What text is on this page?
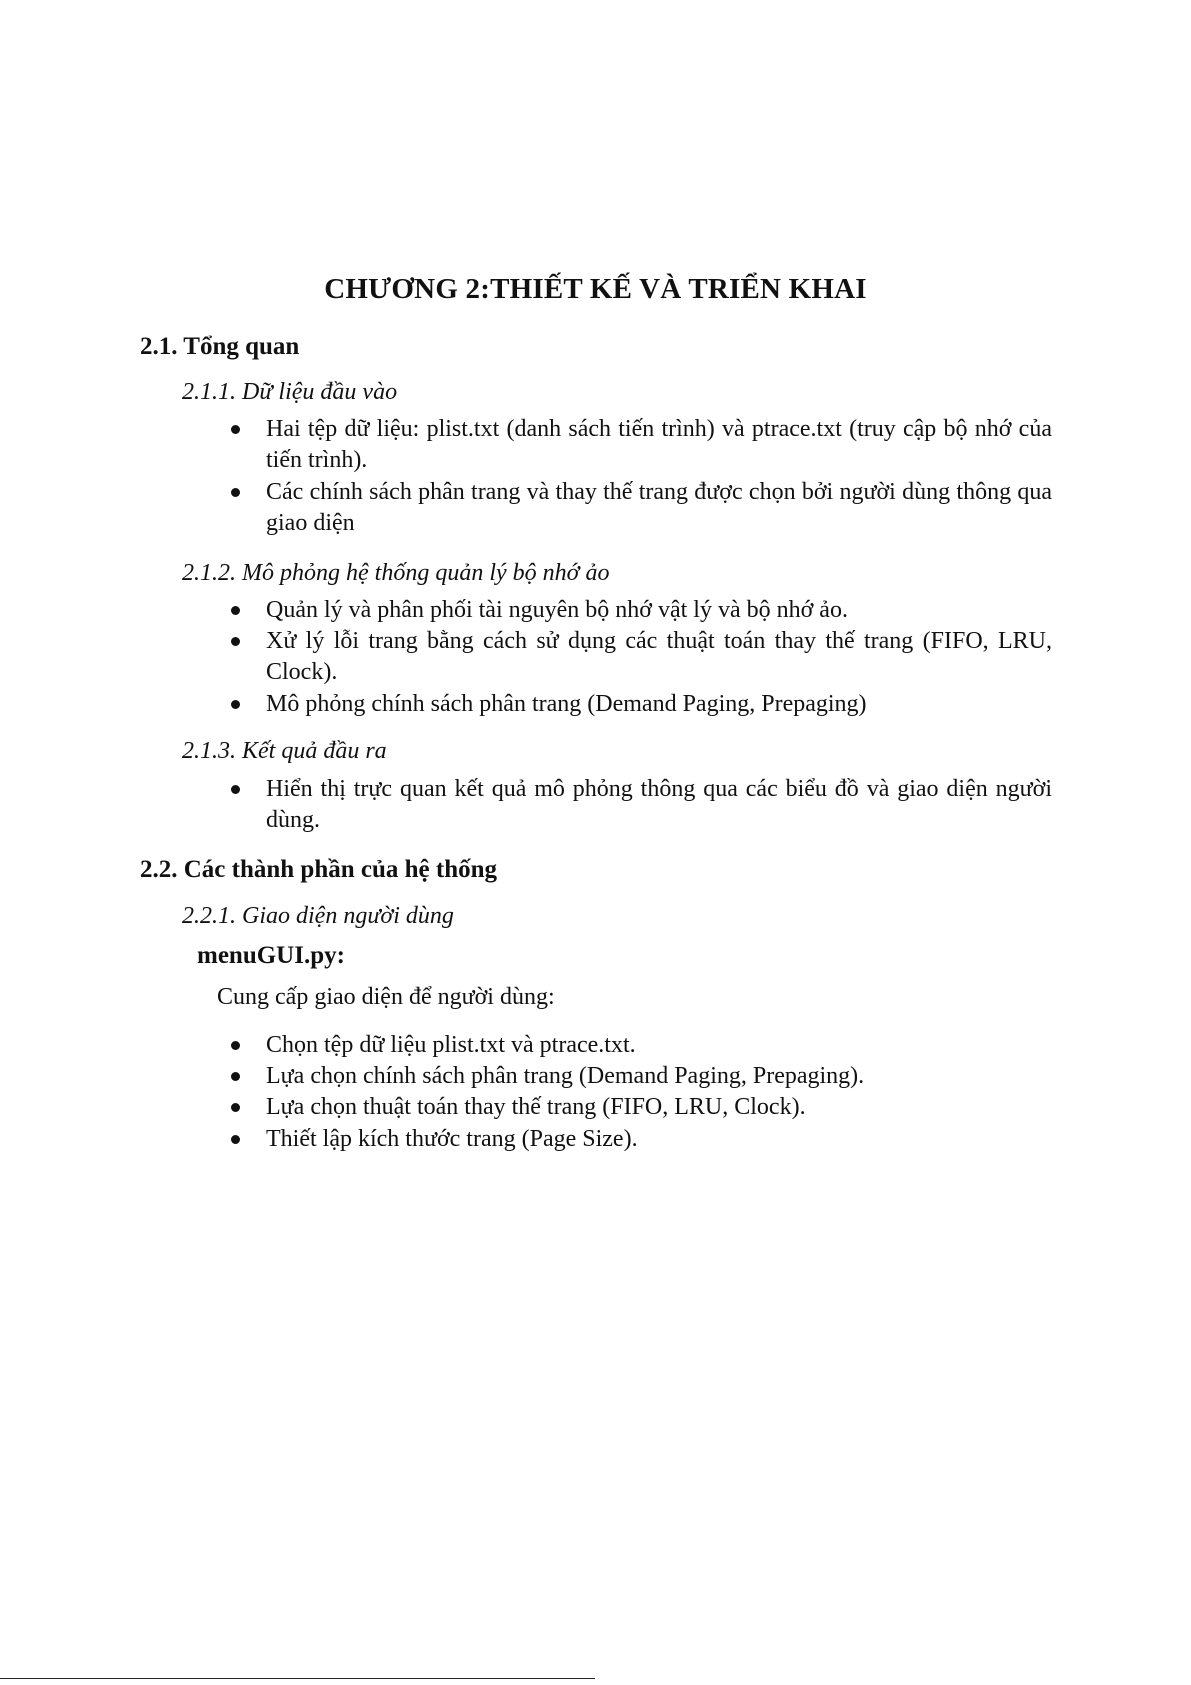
CHƯƠNG 2:THIẾT KẾ VÀ TRIỂN KHAI
2.1. Tổng quan
2.1.1. Dữ liệu đầu vào
Hai tệp dữ liệu: plist.txt (danh sách tiến trình) và ptrace.txt (truy cập bộ nhớ của tiến trình).
Các chính sách phân trang và thay thế trang được chọn bởi người dùng thông qua giao diện
2.1.2. Mô phỏng hệ thống quản lý bộ nhớ ảo
Quản lý và phân phối tài nguyên bộ nhớ vật lý và bộ nhớ ảo.
Xử lý lỗi trang bằng cách sử dụng các thuật toán thay thế trang (FIFO, LRU, Clock).
Mô phỏng chính sách phân trang (Demand Paging, Prepaging)
2.1.3. Kết quả đầu ra
Hiển thị trực quan kết quả mô phỏng thông qua các biểu đồ và giao diện người dùng.
2.2. Các thành phần của hệ thống
2.2.1. Giao diện người dùng
menuGUI.py:
Cung cấp giao diện để người dùng:
Chọn tệp dữ liệu plist.txt và ptrace.txt.
Lựa chọn chính sách phân trang (Demand Paging, Prepaging).
Lựa chọn thuật toán thay thế trang (FIFO, LRU, Clock).
Thiết lập kích thước trang (Page Size).
